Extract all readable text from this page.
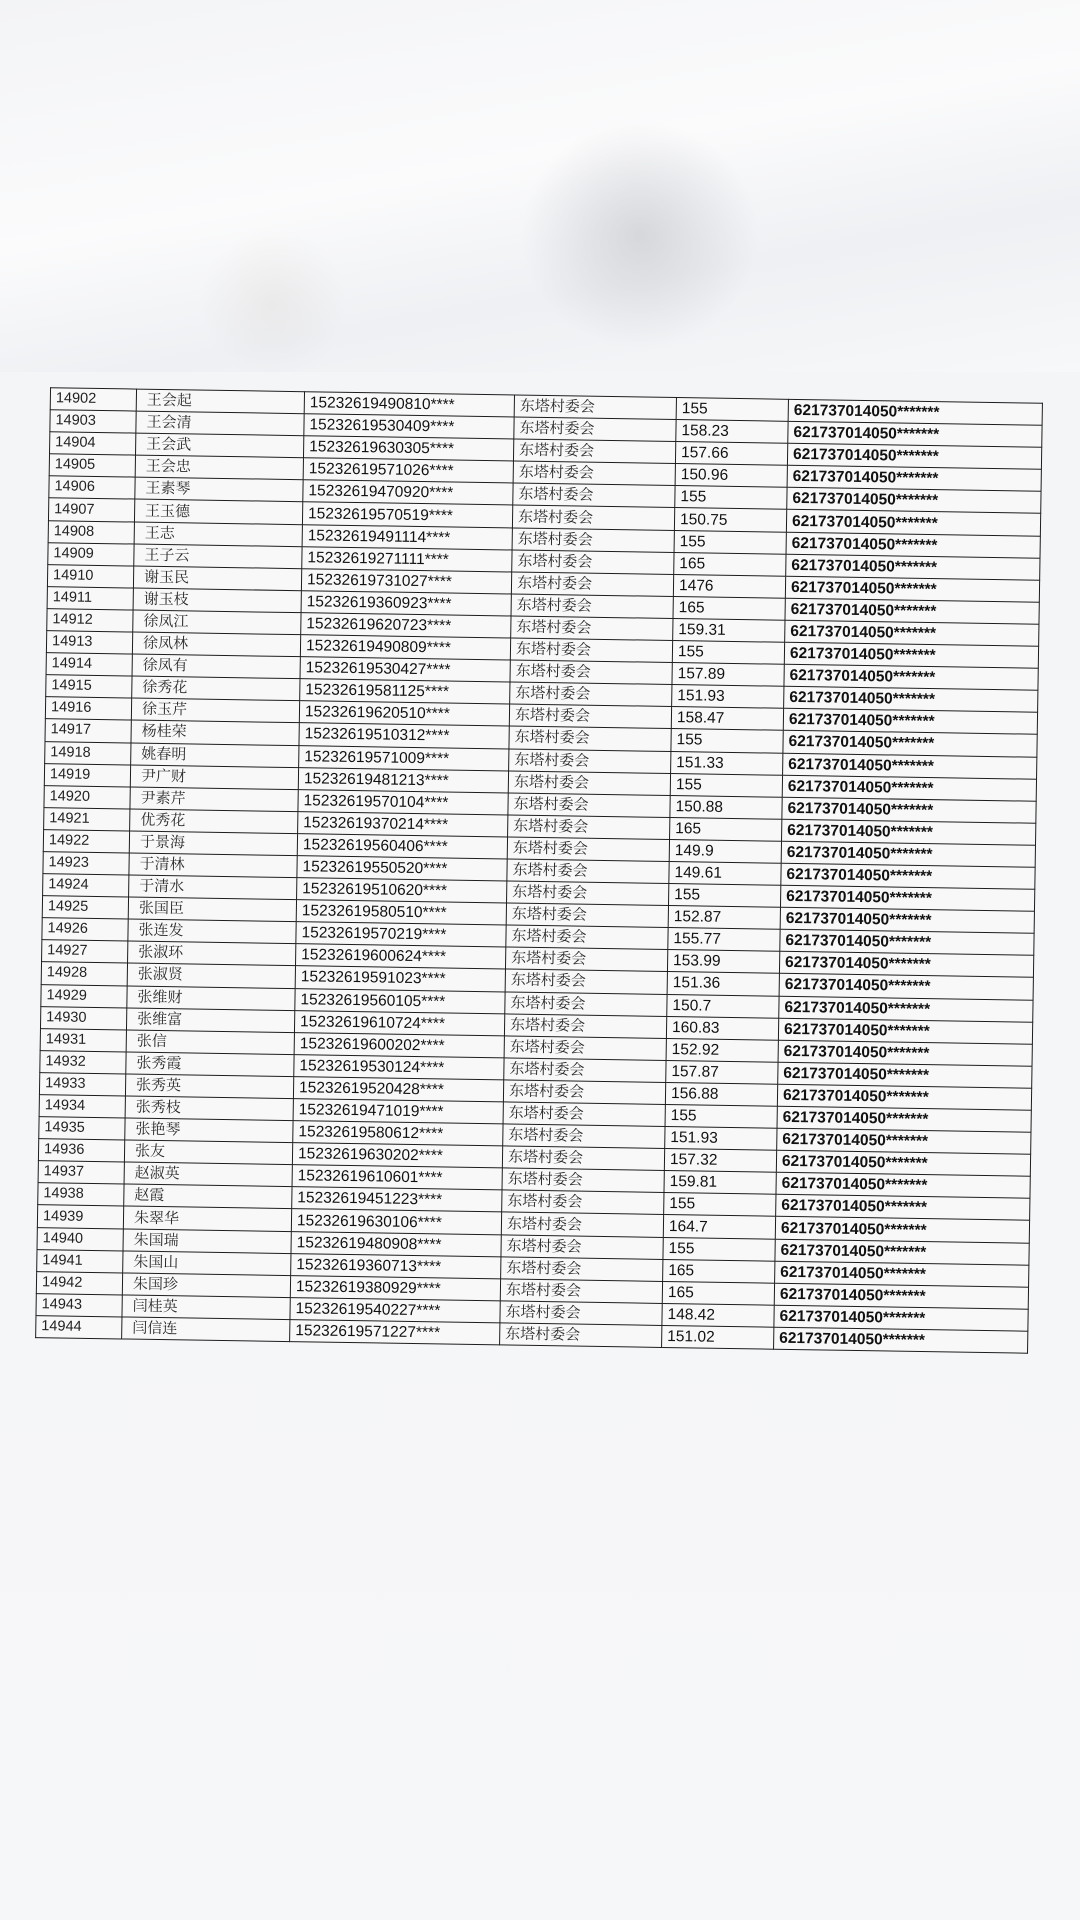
14902	王会起	15232619490810****	东塔村委会	155	621737014050*******
14903	王会清	15232619530409****	东塔村委会	158.23	621737014050*******
14904	王会武	15232619630305****	东塔村委会	157.66	621737014050*******
14905	王会忠	15232619571026****	东塔村委会	150.96	621737014050*******
14906	王素琴	15232619470920****	东塔村委会	155	621737014050*******
14907	王玉德	15232619570519****	东塔村委会	150.75	621737014050*******
14908	王志	15232619491114****	东塔村委会	155	621737014050*******
14909	王子云	15232619271111****	东塔村委会	165	621737014050*******
14910	谢玉民	15232619731027****	东塔村委会	1476	621737014050*******
14911	谢玉枝	15232619360923****	东塔村委会	165	621737014050*******
14912	徐凤江	15232619620723****	东塔村委会	159.31	621737014050*******
14913	徐凤林	15232619490809****	东塔村委会	155	621737014050*******
14914	徐凤有	15232619530427****	东塔村委会	157.89	621737014050*******
14915	徐秀花	15232619581125****	东塔村委会	151.93	621737014050*******
14916	徐玉芹	15232619620510****	东塔村委会	158.47	621737014050*******
14917	杨桂荣	15232619510312****	东塔村委会	155	621737014050*******
14918	姚春明	15232619571009****	东塔村委会	151.33	621737014050*******
14919	尹广财	15232619481213****	东塔村委会	155	621737014050*******
14920	尹素芹	15232619570104****	东塔村委会	150.88	621737014050*******
14921	优秀花	15232619370214****	东塔村委会	165	621737014050*******
14922	于景海	15232619560406****	东塔村委会	149.9	621737014050*******
14923	于清林	15232619550520****	东塔村委会	149.61	621737014050*******
14924	于清水	15232619510620****	东塔村委会	155	621737014050*******
14925	张国臣	15232619580510****	东塔村委会	152.87	621737014050*******
14926	张连发	15232619570219****	东塔村委会	155.77	621737014050*******
14927	张淑环	15232619600624****	东塔村委会	153.99	621737014050*******
14928	张淑贤	15232619591023****	东塔村委会	151.36	621737014050*******
14929	张维财	15232619560105****	东塔村委会	150.7	621737014050*******
14930	张维富	15232619610724****	东塔村委会	160.83	621737014050*******
14931	张信	15232619600202****	东塔村委会	152.92	621737014050*******
14932	张秀霞	15232619530124****	东塔村委会	157.87	621737014050*******
14933	张秀英	15232619520428****	东塔村委会	156.88	621737014050*******
14934	张秀枝	15232619471019****	东塔村委会	155	621737014050*******
14935	张艳琴	15232619580612****	东塔村委会	151.93	621737014050*******
14936	张友	15232619630202****	东塔村委会	157.32	621737014050*******
14937	赵淑英	15232619610601****	东塔村委会	159.81	621737014050*******
14938	赵霞	15232619451223****	东塔村委会	155	621737014050*******
14939	朱翠华	15232619630106****	东塔村委会	164.7	621737014050*******
14940	朱国瑞	15232619480908****	东塔村委会	155	621737014050*******
14941	朱国山	15232619360713****	东塔村委会	165	621737014050*******
14942	朱国珍	15232619380929****	东塔村委会	165	621737014050*******
14943	闫桂英	15232619540227****	东塔村委会	148.42	621737014050*******
14944	闫信连	15232619571227****	东塔村委会	151.02	621737014050*******
